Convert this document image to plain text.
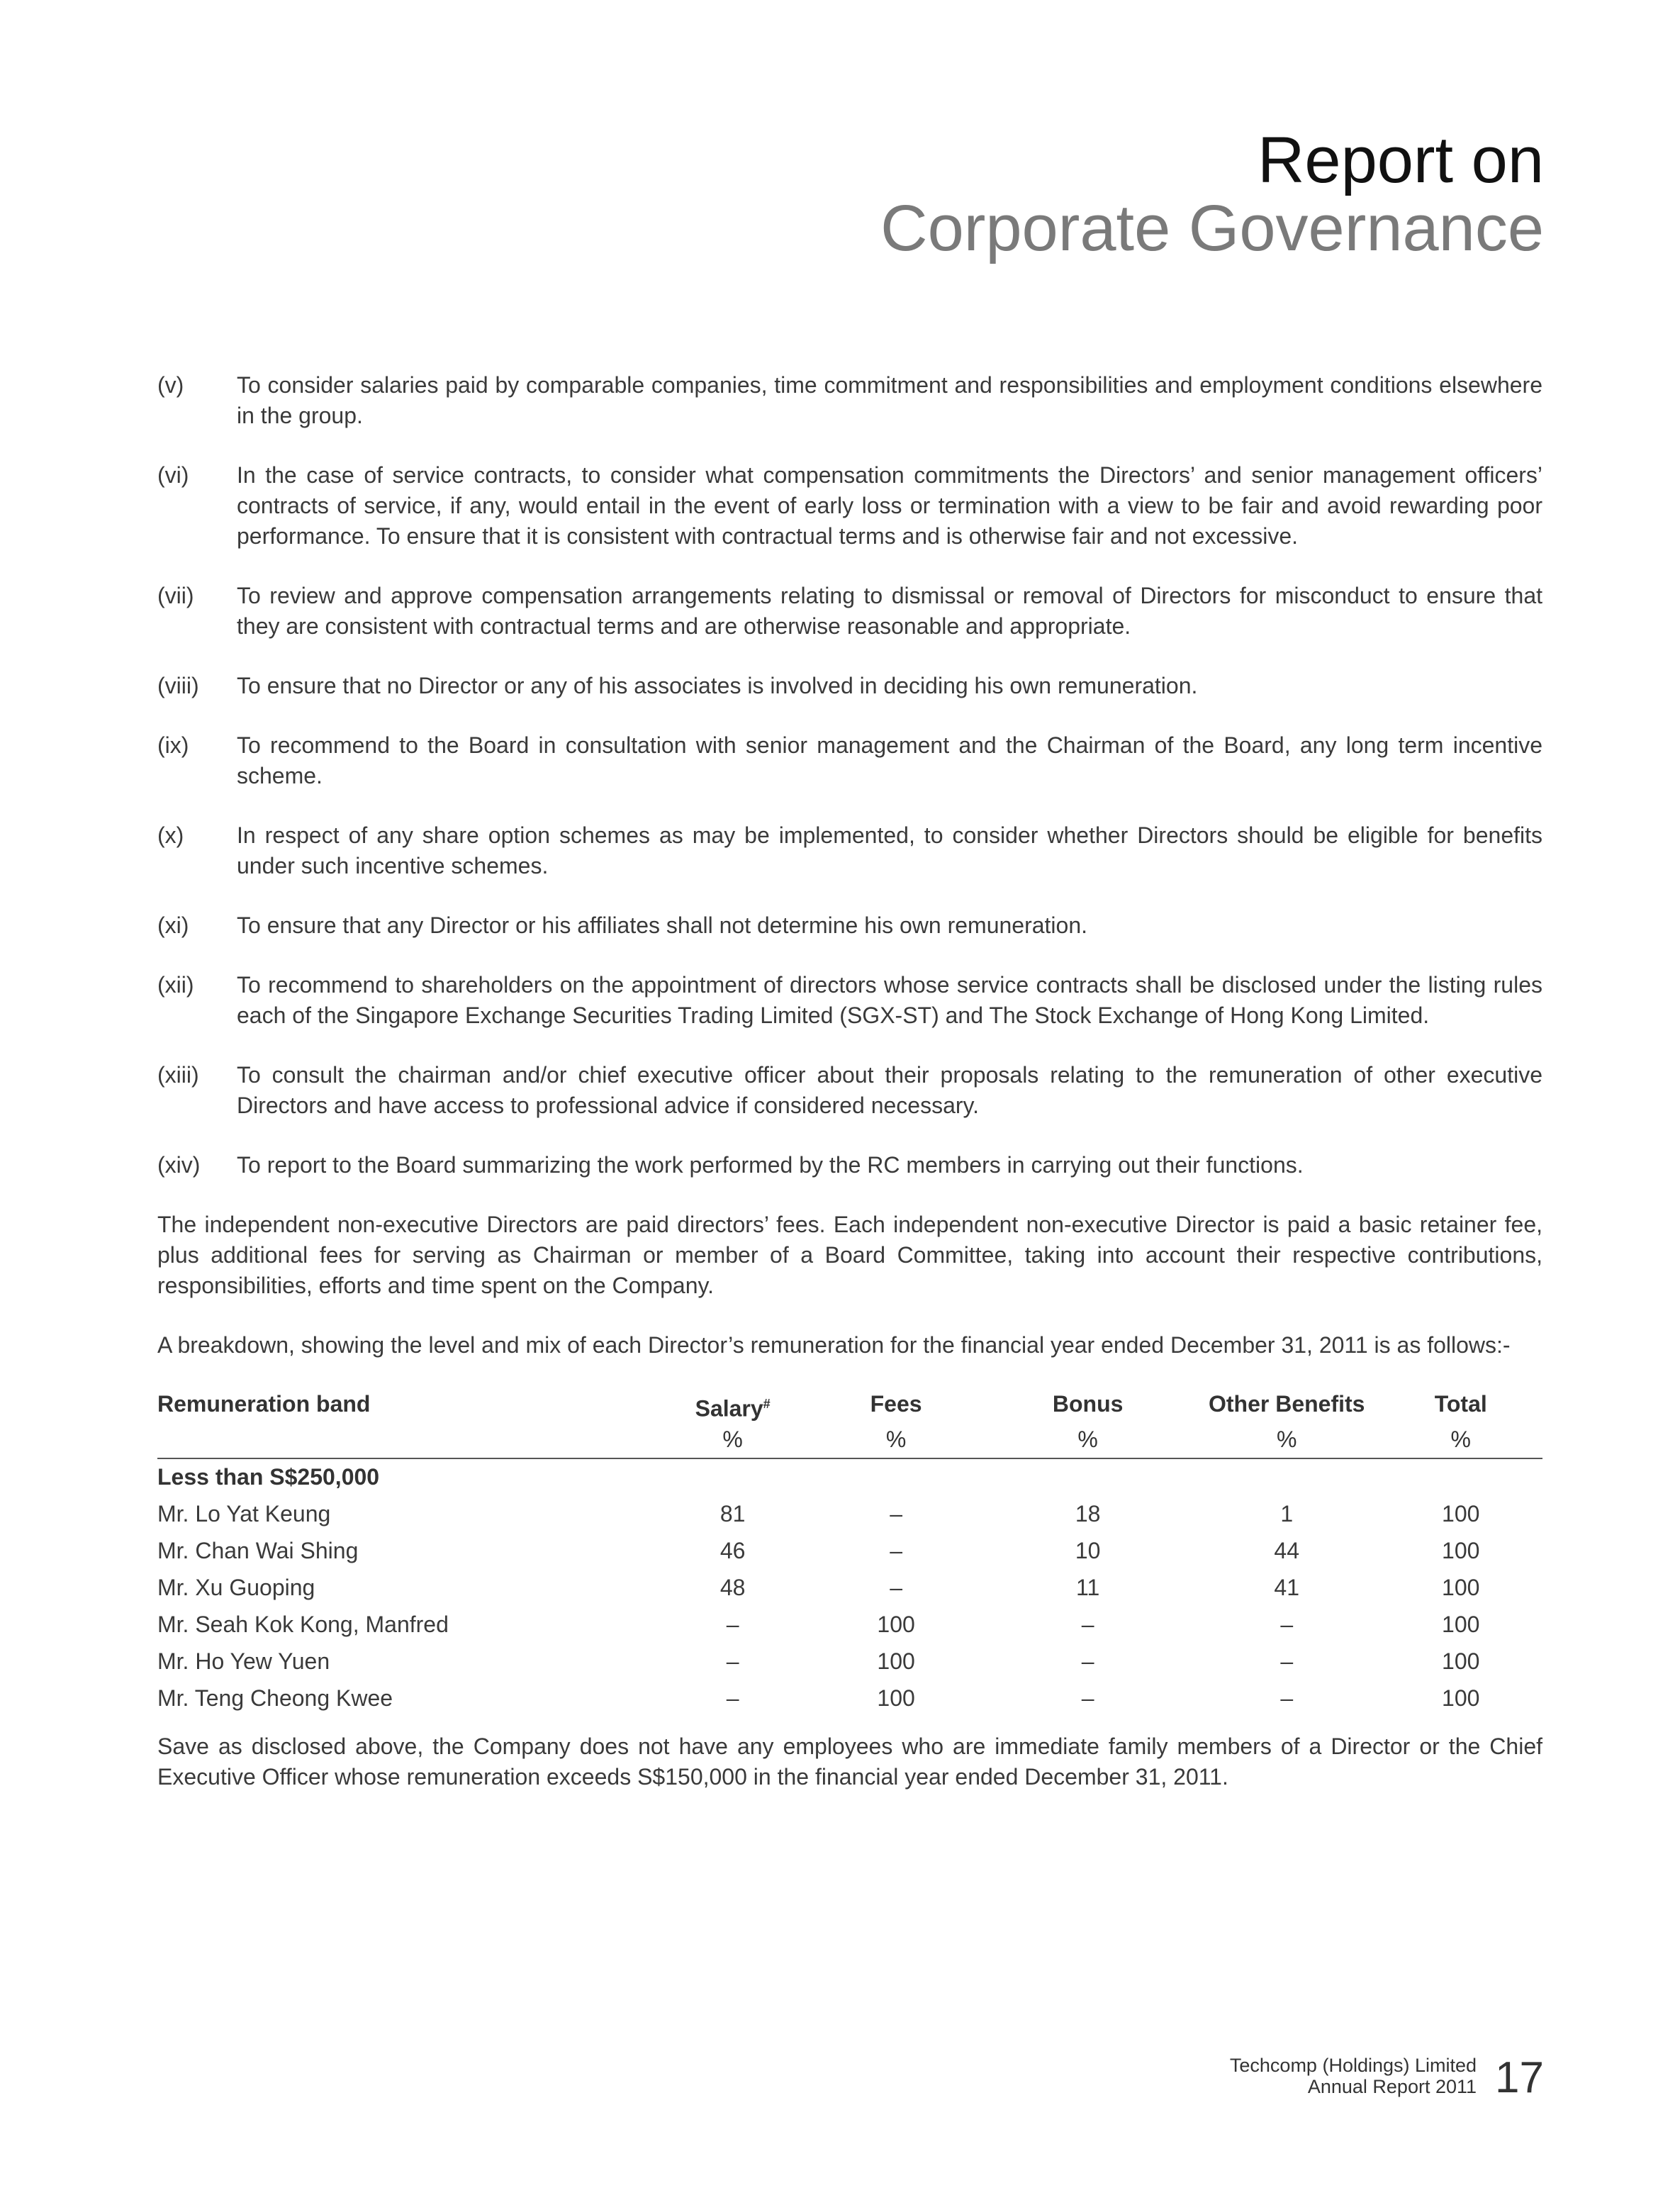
Report on
Corporate Governance
(v)	To consider salaries paid by comparable companies, time commitment and responsibilities and employment conditions elsewhere in the group.
(vi)	In the case of service contracts, to consider what compensation commitments the Directors’ and senior management officers’ contracts of service, if any, would entail in the event of early loss or termination with a view to be fair and avoid rewarding poor performance. To ensure that it is consistent with contractual terms and is otherwise fair and not excessive.
(vii)	To review and approve compensation arrangements relating to dismissal or removal of Directors for misconduct to ensure that they are consistent with contractual terms and are otherwise reasonable and appropriate.
(viii)	To ensure that no Director or any of his associates is involved in deciding his own remuneration.
(ix)	To recommend to the Board in consultation with senior management and the Chairman of the Board, any long term incentive scheme.
(x)	In respect of any share option schemes as may be implemented, to consider whether Directors should be eligible for benefits under such incentive schemes.
(xi)	To ensure that any Director or his affiliates shall not determine his own remuneration.
(xii)	To recommend to shareholders on the appointment of directors whose service contracts shall be disclosed under the listing rules each of the Singapore Exchange Securities Trading Limited (SGX-ST) and The Stock Exchange of Hong Kong Limited.
(xiii)	To consult the chairman and/or chief executive officer about their proposals relating to the remuneration of other executive Directors and have access to professional advice if considered necessary.
(xiv)	To report to the Board summarizing the work performed by the RC members in carrying out their functions.
The independent non-executive Directors are paid directors’ fees. Each independent non-executive Director is paid a basic retainer fee, plus additional fees for serving as Chairman or member of a Board Committee, taking into account their respective contributions, responsibilities, efforts and time spent on the Company.
A breakdown, showing the level and mix of each Director’s remuneration for the financial year ended December 31, 2011 is as follows:-
Remuneration band	Salary#	Fees	Bonus	Other Benefits	Total
	%	%	%	%	%
Less than S$250,000					
Mr. Lo Yat Keung	81	–	18	1	100
Mr. Chan Wai Shing	46	–	10	44	100
Mr. Xu Guoping	48	–	11	41	100
Mr. Seah Kok Kong, Manfred	–	100	–	–	100
Mr. Ho Yew Yuen	–	100	–	–	100
Mr. Teng Cheong Kwee	–	100	–	–	100
Save as disclosed above, the Company does not have any employees who are immediate family members of a Director or the Chief Executive Officer whose remuneration exceeds S$150,000 in the financial year ended December 31, 2011.
Techcomp (Holdings) Limited
Annual Report 2011 17
